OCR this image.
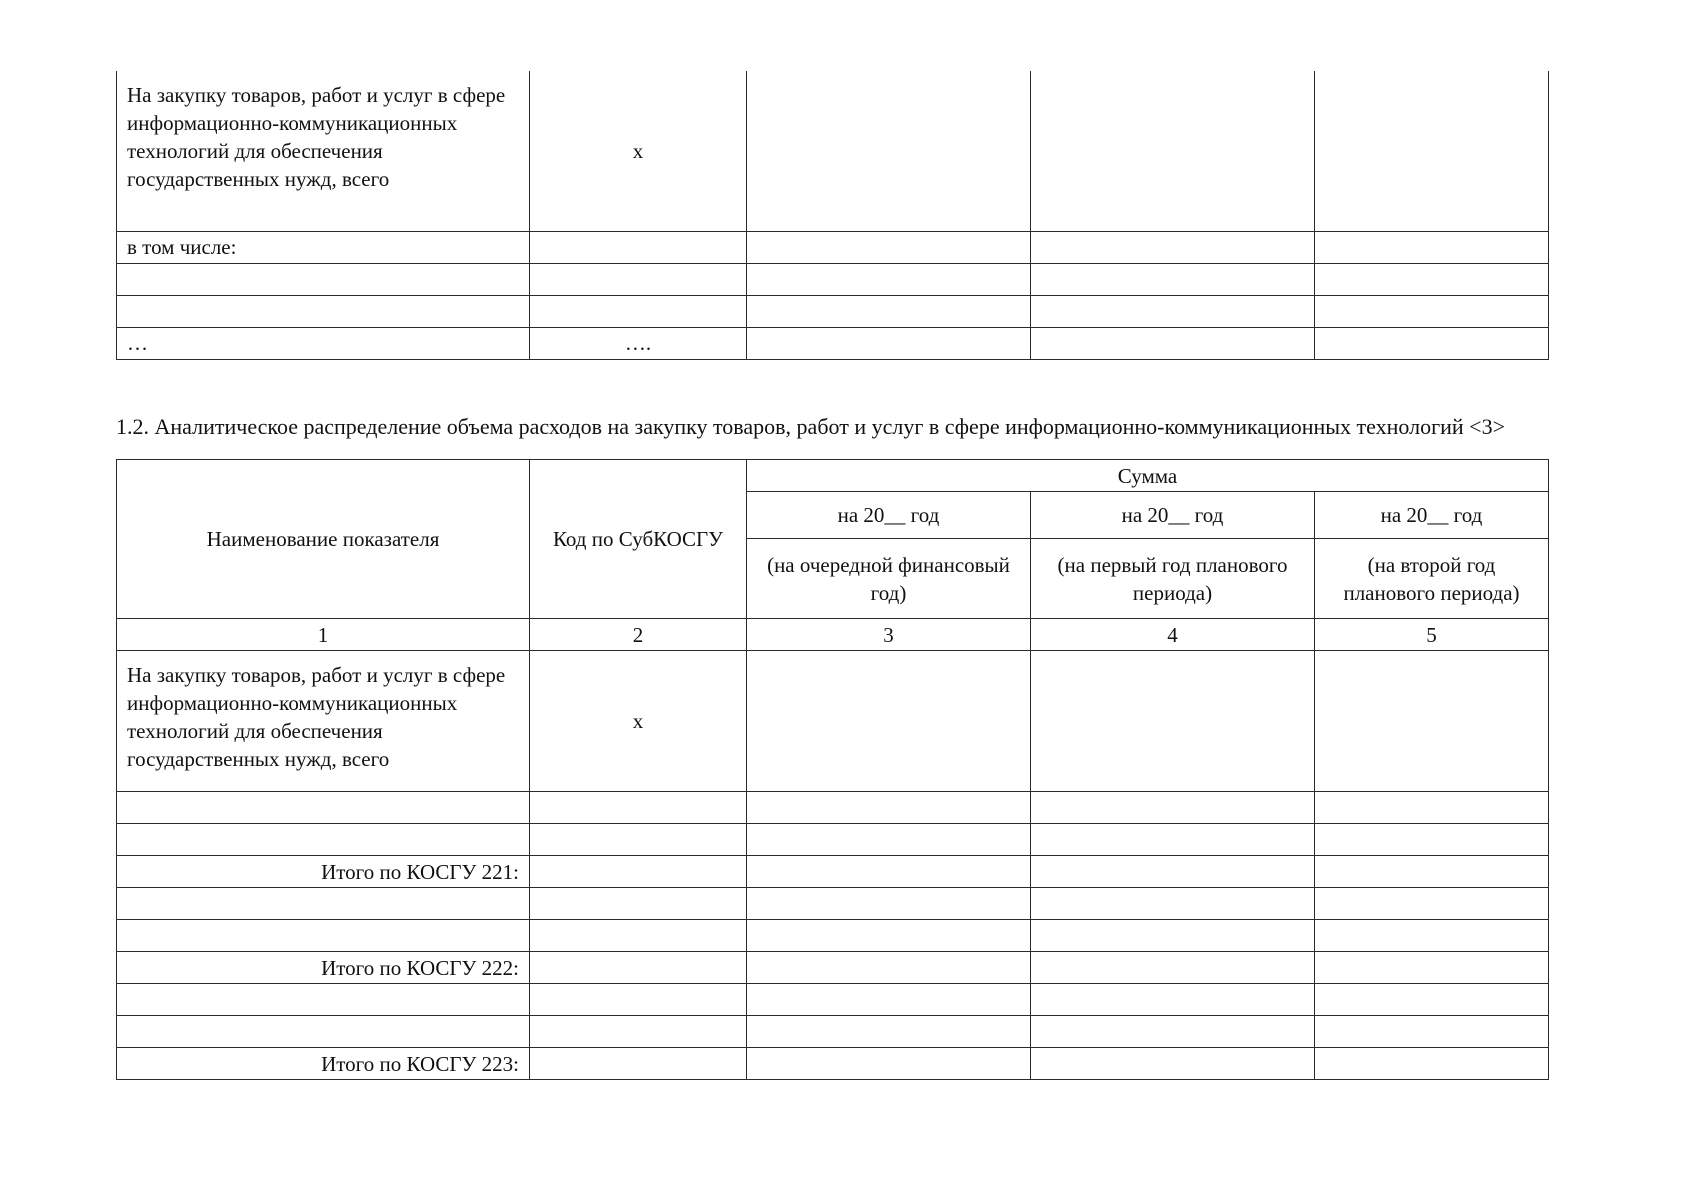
На закупку товаров, работ и услуг в сфере информационно-коммуникационных технологий для обеспечения государственных нужд, всего	x			
в том числе:				

…	….			
1.2. Аналитическое распределение объема расходов на закупку товаров, работ и услуг в сфере информационно-коммуникационных технологий <3>
Наименование показателя	Код по СубКОСГУ	Сумма		
		на 20__ год	на 20__ год	на 20__ год
		(на очередной финансовый год)	(на первый год планового периода)	(на второй год планового периода)
1	2	3	4	5
На закупку товаров, работ и услуг в сфере информационно-коммуникационных технологий для обеспечения государственных нужд, всего	x			

Итого по КОСГУ 221:				

Итого по КОСГУ 222:				

Итого по КОСГУ 223:				
